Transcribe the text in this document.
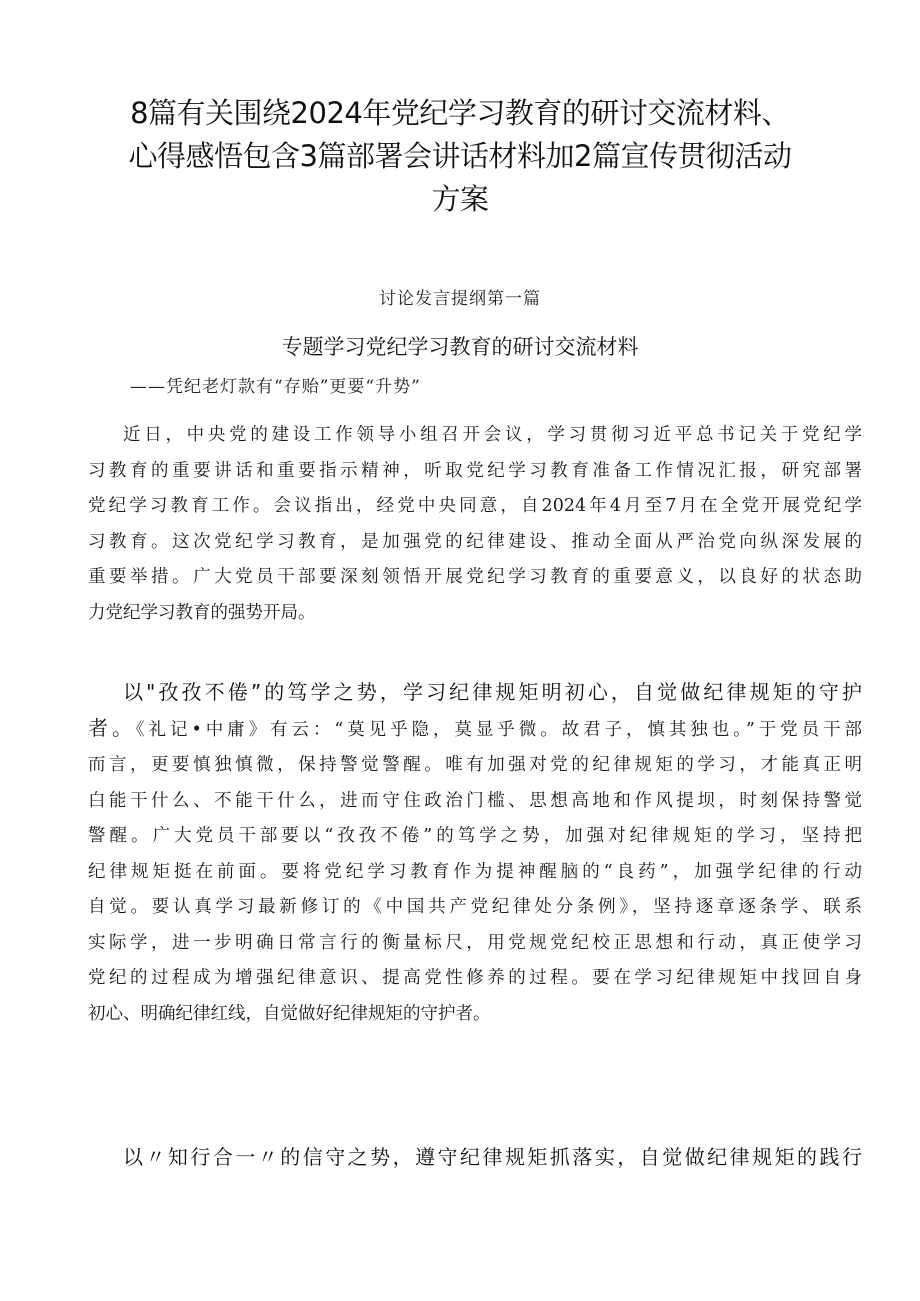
8篇有关围绕2024年党纪学习教育的研讨交流材料、
心得感悟包含3篇部署会讲话材料加2篇宣传贯彻活动
方案
讨论发言提纲第一篇
专题学习党纪学习教育的研讨交流材料
——凭纪老灯款有“存贻”更要“升势”
近日，中央党的建设工作领导小组召开会议，学习贯彻习近平总书记关于党纪学
习教育的重要讲话和重要指示精神，听取党纪学习教育准备工作情况汇报，研究部署
党纪学习教育工作。会议指出，经党中央同意，自2024年4月至7月在全党开展党纪学
习教育。这次党纪学习教育，是加强党的纪律建设、推动全面从严治党向纵深发展的
重要举措。广大党员干部要深刻领悟开展党纪学习教育的重要意义，以良好的状态助
力党纪学习教育的强势开局。
以"孜孜不倦”的笃学之势，学习纪律规矩明初心，自觉做纪律规矩的守护
者。《礼记•中庸》有云：“莫见乎隐，莫显乎微。故君子，慎其独也。”于党员干部
而言，更要慎独慎微，保持警觉警醒。唯有加强对党的纪律规矩的学习，才能真正明
白能干什么、不能干什么，进而守住政治门槛、思想高地和作风提坝，时刻保持警觉
警醒。广大党员干部要以“孜孜不倦”的笃学之势，加强对纪律规矩的学习，坚持把
纪律规矩挺在前面。要将党纪学习教育作为提神醒脑的“良药”，加强学纪律的行动
自觉。要认真学习最新修订的《中国共产党纪律处分条例》，坚持逐章逐条学、联系
实际学，进一步明确日常言行的衡量标尺，用党规党纪校正思想和行动，真正使学习
党纪的过程成为增强纪律意识、提高党性修养的过程。要在学习纪律规矩中找回自身
初心、明确纪律红线，自觉做好纪律规矩的守护者。
以〃知行合一〃的信守之势，遵守纪律规矩抓落实，自觉做纪律规矩的践行
